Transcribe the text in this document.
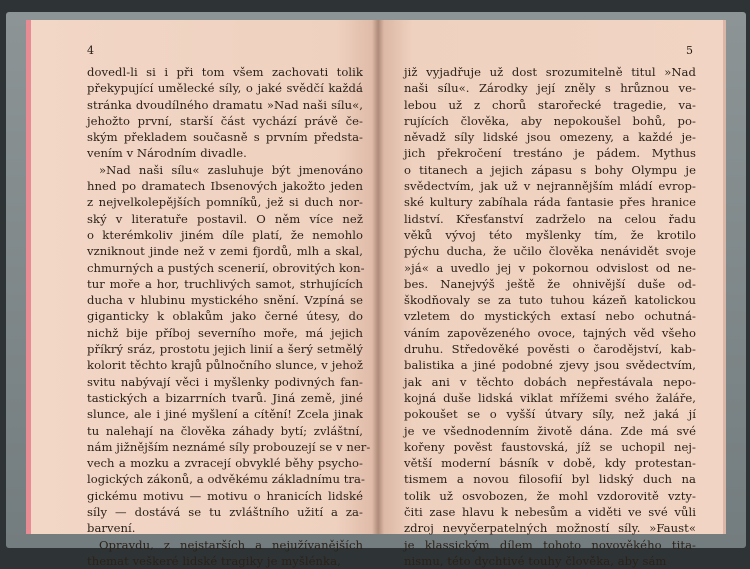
4
dovedl-li si i při tom všem zachovati tolik
překypující umělecké síly, o jaké svědčí každá
stránka dvoudílného dramatu »Nad naši sílu«,
jehožto první, starší část vychází právě če-
ským překladem současně s prvním předsta-
vením v Národním divadle.
»Nad naši sílu« zasluhuje být jmenováno
hned po dramatech Ibsenových jakožto jeden
z nejvelkolepějších pomníků, jež si duch nor-
ský v literatuře postavil. O něm více než
o kterémkoliv jiném díle platí, že nemohlo
vzniknout jinde než v zemi fjordů, mlh a skal,
chmurných a pustých scenerií, obrovitých kon-
tur moře a hor, truchlivých samot, strhujících
ducha v hlubinu mystického snění. Vzpíná se
giganticky k oblakům jako černé útesy, do
nichž bije příboj severního moře, má jejich
příkrý sráz, prostotu jejich linií a šerý setmělý
kolorit těchto krajů půlnočního slunce, v jehož
svitu nabývají věci i myšlenky podivných fan-
tastických a bizarrních tvarů. Jiná země, jiné
slunce, ale i jiné myšlení a cítění! Zcela jinak
tu nalehají na člověka záhady bytí; zvláštní,
nám jižnějším neznámé síly probouzejí se v ner-
vech a mozku a zvracejí obvyklé běhy psycho-
logických zákonů, a odvěkému základnímu tra-
gickému motivu — motivu o hranicích lidské
síly — dostává se tu zvláštního užití a za-
barvení.
Opravdu, z nejstarších a nejužívanějších
themat veškeré lidské tragiky je myšlénka,
5
již vyjadřuje už dost srozumitelně titul »Nad
naši sílu«. Zárodky její zněly s hrůznou ve-
lebou už z chorů starořecké tragedie, va-
rujících člověka, aby nepokoušel bohů, po-
něvadž síly lidské jsou omezeny, a každé je-
jich překročení trestáno je pádem. Mythus
o titanech a jejich zápasu s bohy Olympu je
svědectvím, jak už v nejrannějším mládí evrop-
ské kultury zabíhala ráda fantasie přes hranice
lidství. Křesťanství zadrželo na celou řadu
věků vývoj této myšlenky tím, že krotilo
pýchu ducha, že učilo člověka nenávidět svoje
»já« a uvedlo jej v pokornou odvislost od ne-
bes. Nanejvýš ještě že ohnivější duše od-
škodňovaly se za tuto tuhou kázeň katolickou
vzletem do mystických extasí nebo ochutná-
váním zapovězeného ovoce, tajných věd všeho
druhu. Středověké pověsti o čarodějství, kab-
balistika a jiné podobné zjevy jsou svědectvím,
jak ani v těchto dobách nepřestávala nepo-
kojná duše lidská viklat mřížemi svého žaláře,
pokoušet se o vyšší útvary síly, než jaká jí
je ve všednodenním životě dána. Zde má své
kořeny pověst faustovská, jíž se uchopil nej-
větší moderní básník v době, kdy protestan-
tismem a novou filosofií byl lidský duch na
tolik už osvobozen, že mohl vzdorovitě vzty-
čiti zase hlavu k nebesům a viděti ve své vůli
zdroj nevyčerpatelných možností síly. »Faust«
je klassickým dílem tohoto novověkého tita-
nismu, této dychtivé touhy člověka, aby sám
